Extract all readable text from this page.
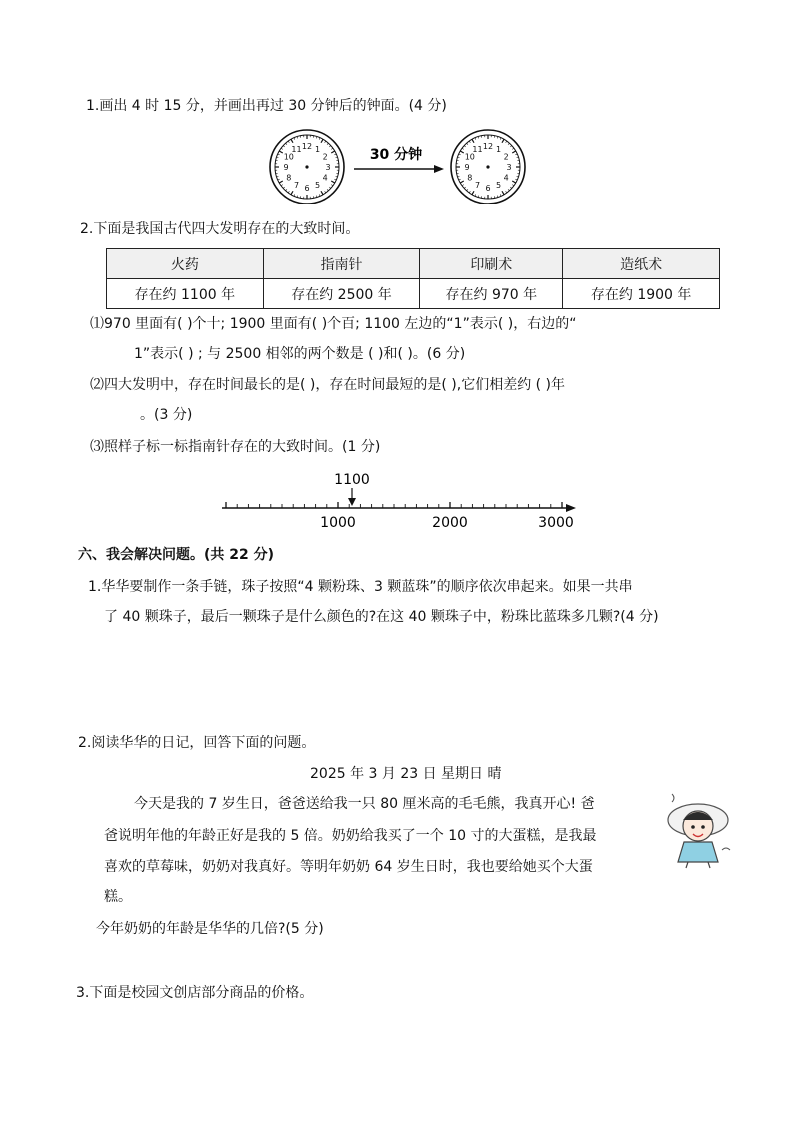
1.画出 4 时 15 分，并画出再过 30 分钟后的钟面。(4 分)
12 1
2
3
4
5
6
7
8
9
10
11	12 1
2
3
4
5
6
7
8
9
10
11
30 分钟
2.下面是我国古代四大发明存在的大致时间。
火药	指南针	印刷术	造纸术
存在约 1100 年	存在约 2500 年	存在约 970 年	存在约 1900 年
⑴970 里面有( )个十; 1900 里面有( )个百; 1100 左边的“1”表示( )，右边的“
1”表示( ) ; 与 2500 相邻的两个数是 ( )和( )。(6 分)
⑵四大发明中，存在时间最长的是( )，存在时间最短的是( ),它们相差约 ( )年
。(3 分)
⑶照样子标一标指南针存在的大致时间。(1 分)
1100
1000	2000	3000
六、我会解决问题。(共 22 分)
1.华华要制作一条手链，珠子按照“4 颗粉珠、3 颗蓝珠”的顺序依次串起来。如果一共串
了 40 颗珠子，最后一颗珠子是什么颜色的?在这 40 颗珠子中，粉珠比蓝珠多几颗?(4 分)
2.阅读华华的日记，回答下面的问题。
2025 年 3 月 23 日 星期日 晴
今天是我的 7 岁生日，爸爸送给我一只 80 厘米高的毛毛熊，我真开心! 爸
爸说明年他的年龄正好是我的 5 倍。奶奶给我买了一个 10 寸的大蛋糕，是我最
喜欢的草莓味，奶奶对我真好。等明年奶奶 64 岁生日时，我也要给她买个大蛋
糕。
今年奶奶的年龄是华华的几倍?(5 分)
3.下面是校园文创店部分商品的价格。
